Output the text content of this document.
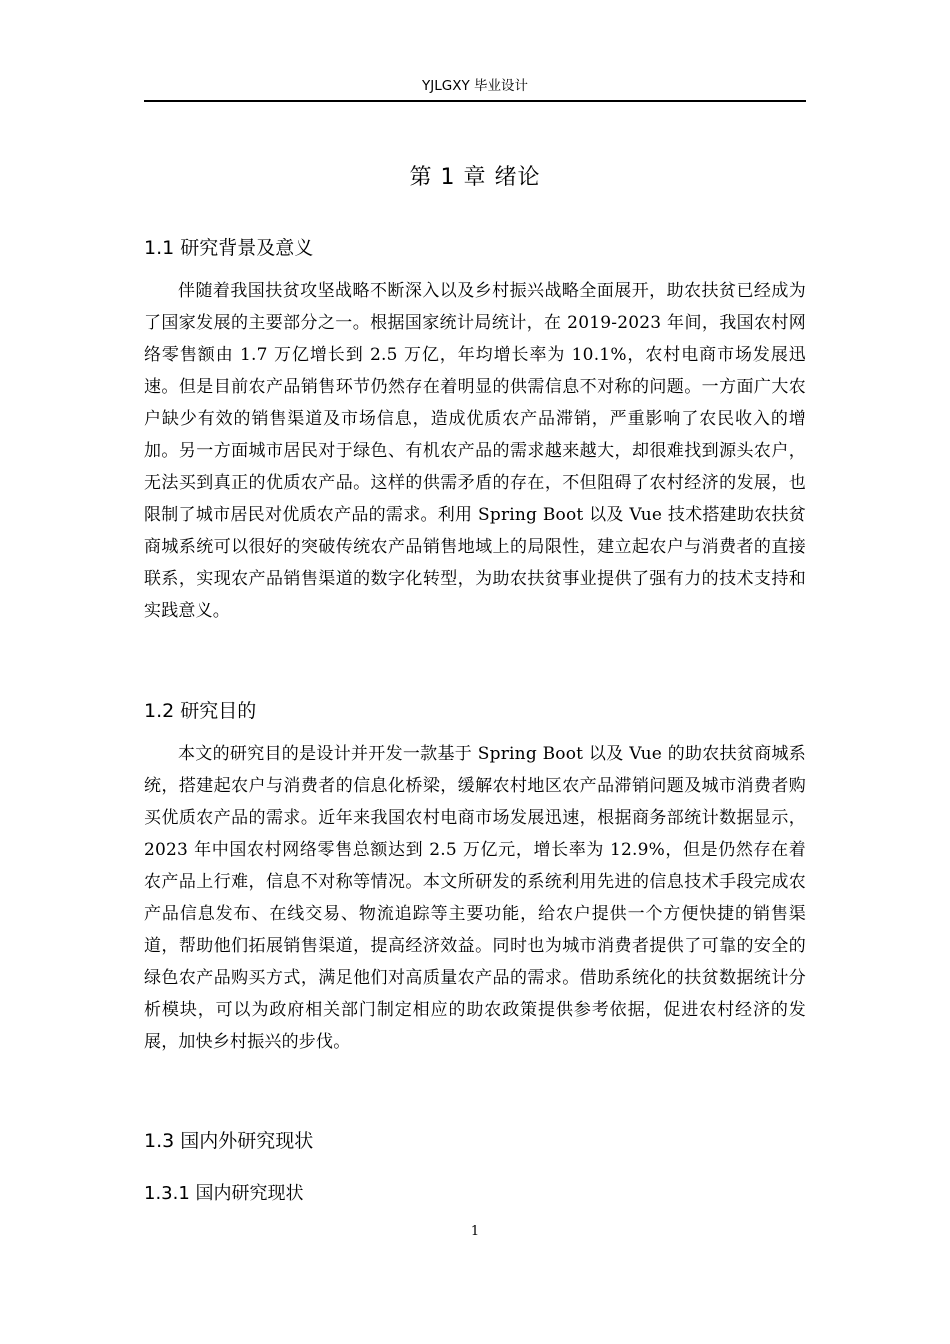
YJLGXY 毕业设计
第 1 章 绪论
1.1 研究背景及意义

伴随着我国扶贫攻坚战略不断深入以及乡村振兴战略全面展开，助农扶贫已经成为了国家发展的主要部分之一。根据国家统计局统计，在 2019-2023 年间，我国农村网络零售额由 1.7 万亿增长到 2.5 万亿，年均增长率为 10.1%，农村电商市场发展迅速。但是目前农产品销售环节仍然存在着明显的供需信息不对称的问题。一方面广大农户缺少有效的销售渠道及市场信息，造成优质农产品滞销，严重影响了农民收入的增加。另一方面城市居民对于绿色、有机农产品的需求越来越大，却很难找到源头农户，无法买到真正的优质农产品。这样的供需矛盾的存在，不但阻碍了农村经济的发展，也限制了城市居民对优质农产品的需求。利用 Spring Boot 以及 Vue 技术搭建助农扶贫商城系统可以很好的突破传统农产品销售地域上的局限性，建立起农户与消费者的直接联系，实现农产品销售渠道的数字化转型，为助农扶贫事业提供了强有力的技术支持和实践意义。

1.2 研究目的

本文的研究目的是设计并开发一款基于 Spring Boot 以及 Vue 的助农扶贫商城系统，搭建起农户与消费者的信息化桥梁，缓解农村地区农产品滞销问题及城市消费者购买优质农产品的需求。近年来我国农村电商市场发展迅速，根据商务部统计数据显示，2023 年中国农村网络零售总额达到 2.5 万亿元，增长率为 12.9%，但是仍然存在着农产品上行难，信息不对称等情况。本文所研发的系统利用先进的信息技术手段完成农产品信息发布、在线交易、物流追踪等主要功能，给农户提供一个方便快捷的销售渠道，帮助他们拓展销售渠道，提高经济效益。同时也为城市消费者提供了可靠的安全的绿色农产品购买方式，满足他们对高质量农产品的需求。借助系统化的扶贫数据统计分析模块，可以为政府相关部门制定相应的助农政策提供参考依据，促进农村经济的发展，加快乡村振兴的步伐。

1.3 国内外研究现状
1.3.1 国内研究现状
1
